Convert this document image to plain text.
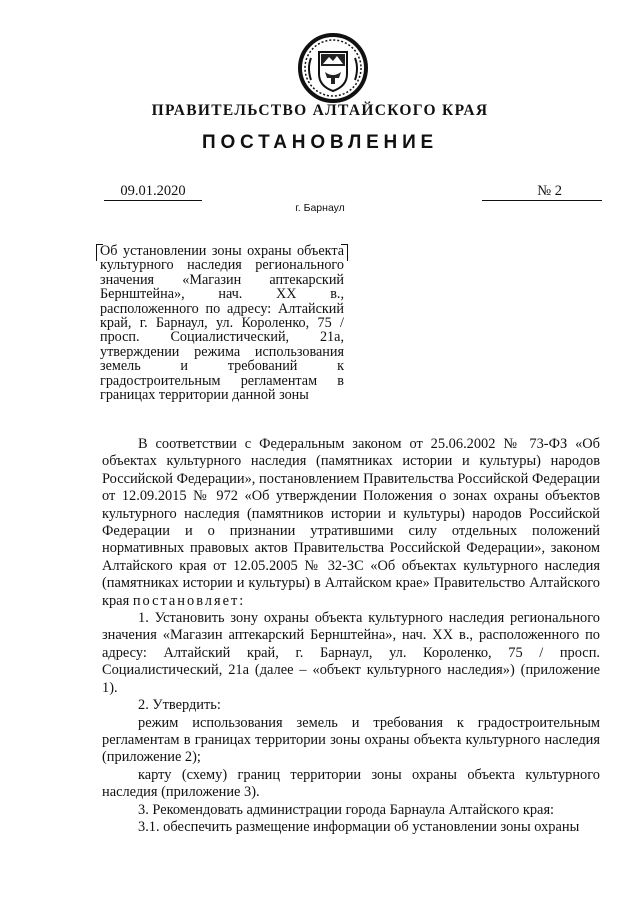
ПРАВИТЕЛЬСТВО АЛТАЙСКОГО КРАЯ
ПОСТАНОВЛЕНИЕ
09.01.2020	№ 2
г. Барнаул
Об установлении зоны охраны объекта культурного наследия регионального значения «Магазин аптекарский Бернштейна», нач. XX в., расположенного по адресу: Алтайский край, г. Барнаул, ул. Короленко, 75 / просп. Социалистический, 21а, утверждении режима использования земель и требований к градостроительным регламентам в границах территории данной зоны

В соответствии с Федеральным законом от 25.06.2002 № 73-ФЗ «Об объектах культурного наследия (памятниках истории и культуры) народов Российской Федерации», постановлением Правительства Российской Федерации от 12.09.2015 № 972 «Об утверждении Положения о зонах охраны объектов культурного наследия (памятников истории и культуры) народов Российской Федерации и о признании утратившими силу отдельных положений нормативных правовых актов Правительства Российской Федерации», законом Алтайского края от 12.05.2005 № 32-ЗС «Об объектах культурного наследия (памятниках истории и культуры) в Алтайском крае» Правительство Алтайского края постановляет:

1. Установить зону охраны объекта культурного наследия регионального значения «Магазин аптекарский Бернштейна», нач. XX в., расположенного по адресу: Алтайский край, г. Барнаул, ул. Короленко, 75 / просп. Социалистический, 21а (далее – «объект культурного наследия») (приложение 1).

2. Утвердить:

режим использования земель и требования к градостроительным регламентам в границах территории зоны охраны объекта культурного наследия (приложение 2);

карту (схему) границ территории зоны охраны объекта культурного наследия (приложение 3).

3. Рекомендовать администрации города Барнаула Алтайского края:

3.1. обеспечить размещение информации об установлении зоны охраны
